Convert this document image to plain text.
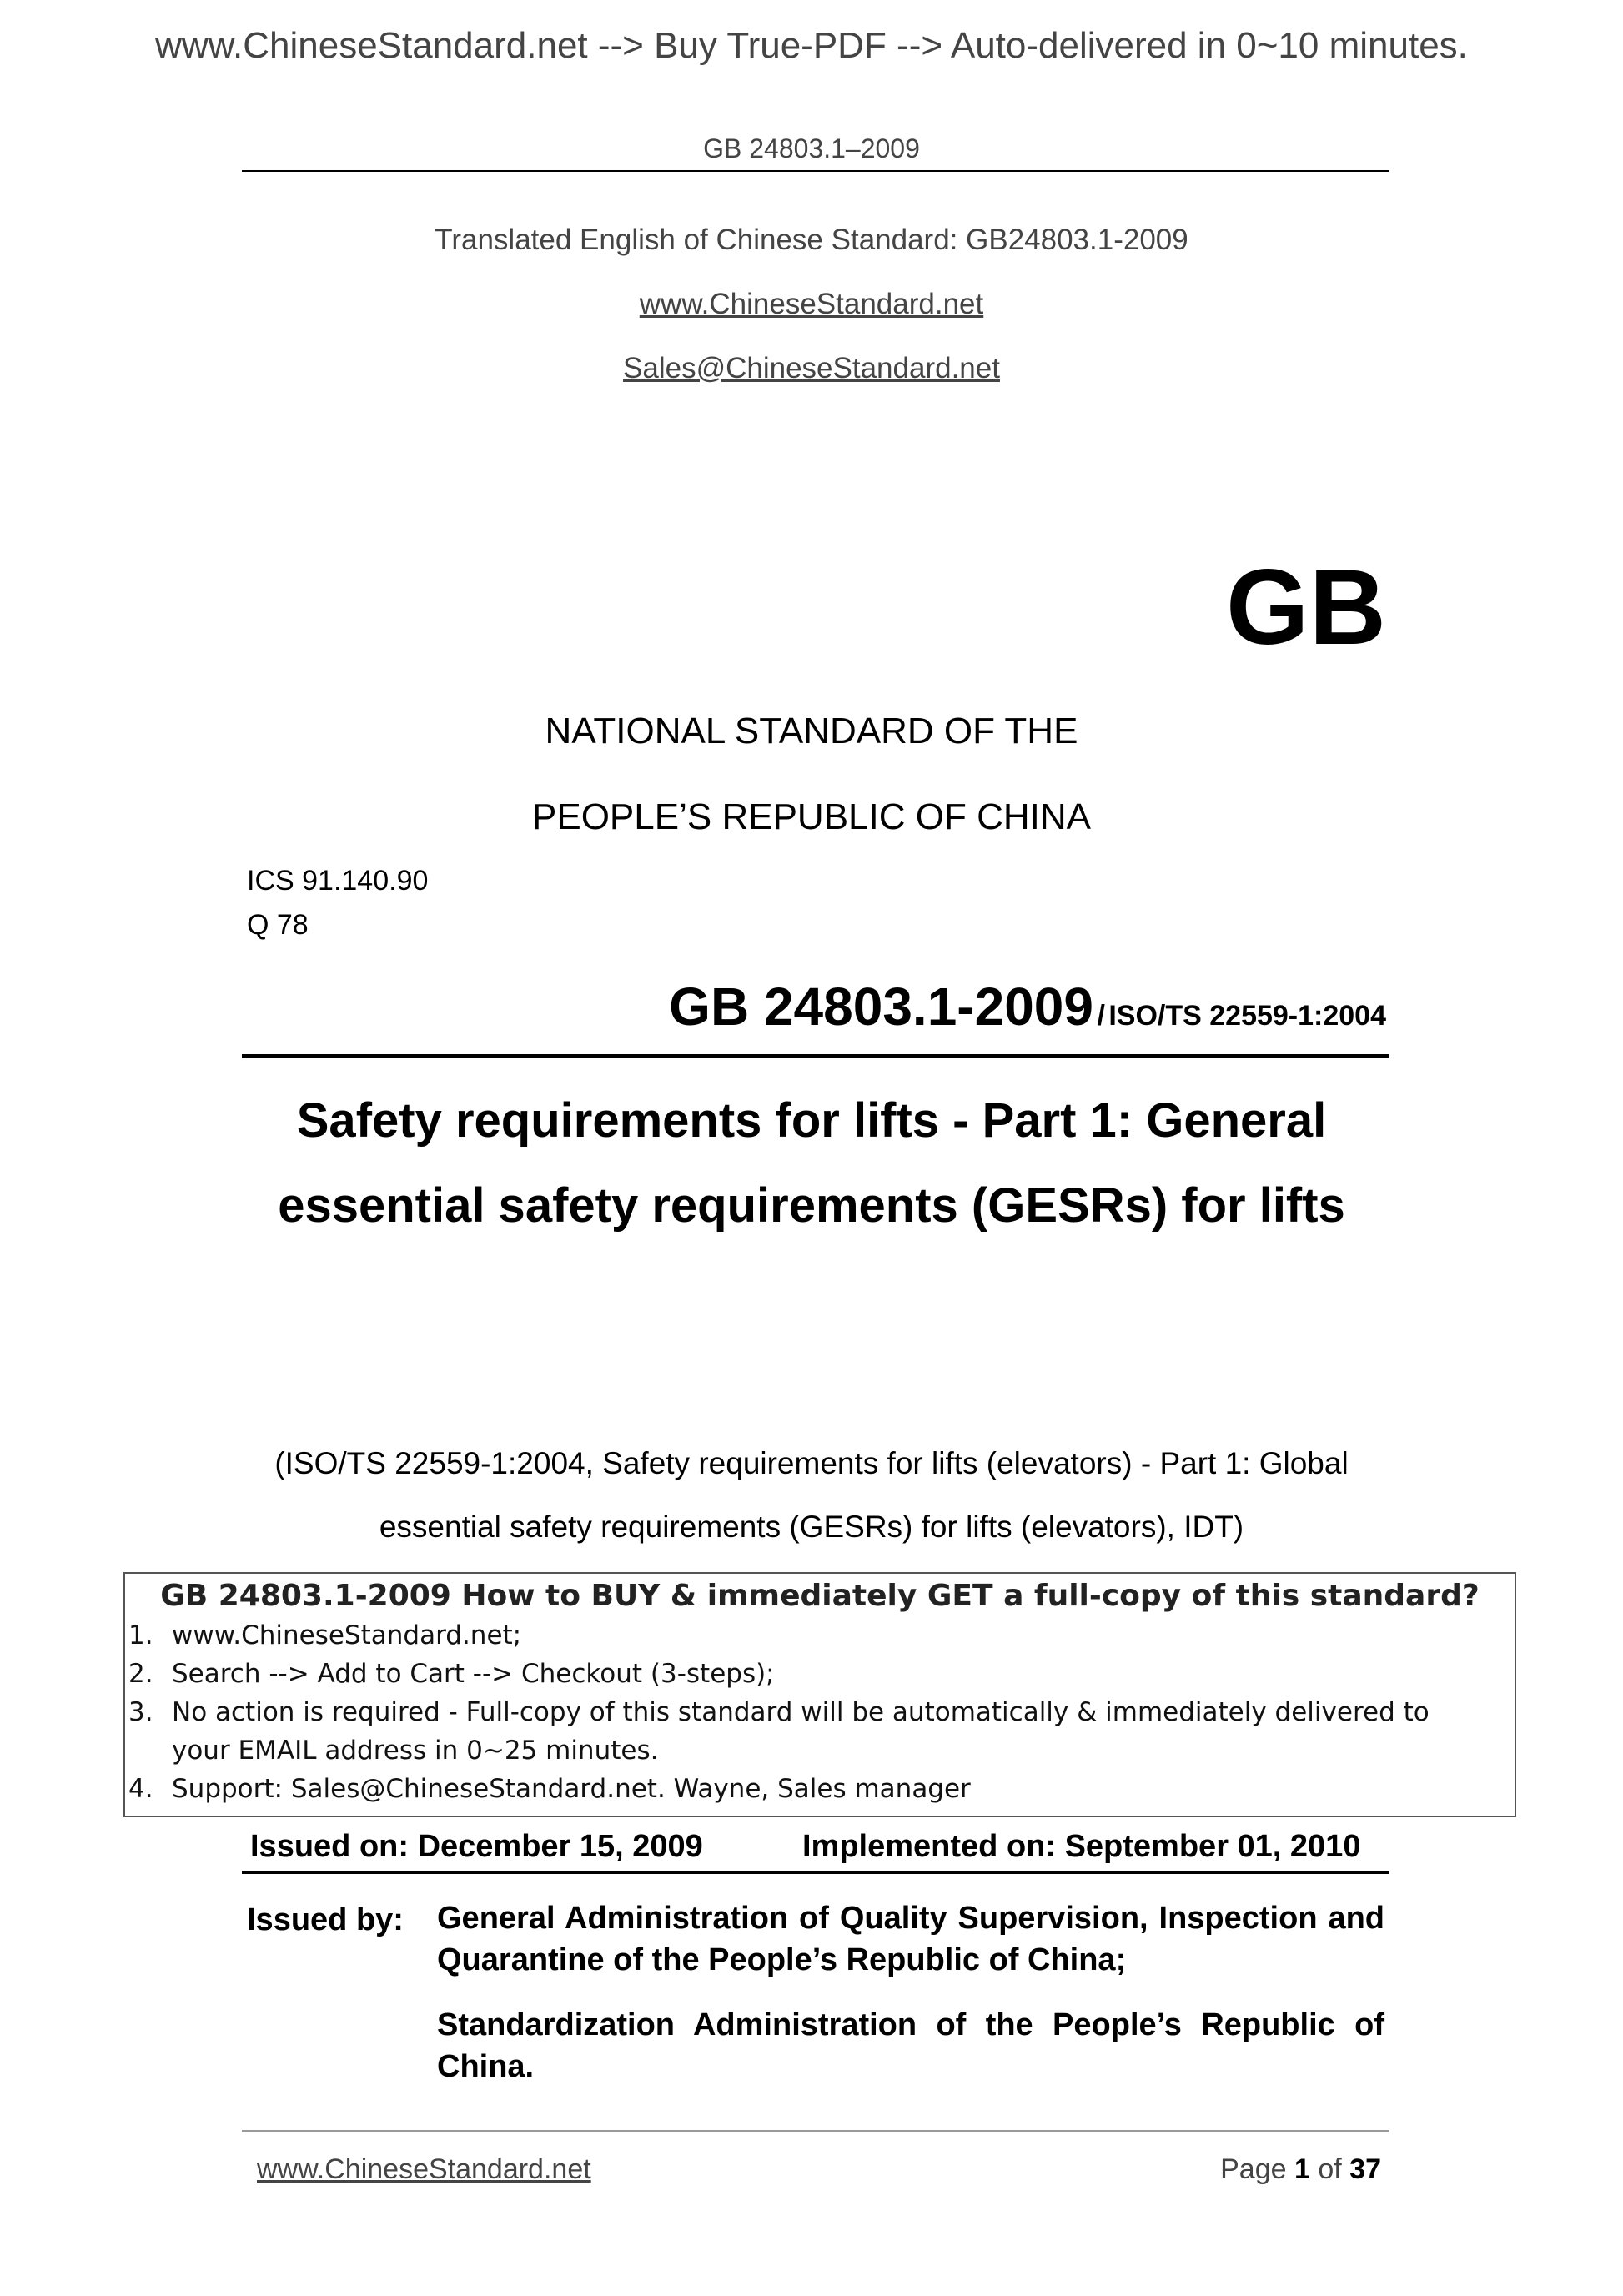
www.ChineseStandard.net --> Buy True-PDF --> Auto-delivered in 0~10 minutes.
GB 24803.1–2009
Translated English of Chinese Standard: GB24803.1-2009
www.ChineseStandard.net
Sales@ChineseStandard.net
GB
NATIONAL STANDARD OF THE
PEOPLE’S REPUBLIC OF CHINA
ICS 91.140.90
Q 78
GB 24803.1-2009 / ISO/TS 22559-1:2004
Safety requirements for lifts - Part 1: General
essential safety requirements (GESRs) for lifts
(ISO/TS 22559-1:2004, Safety requirements for lifts (elevators) - Part 1: Global
essential safety requirements (GESRs) for lifts (elevators), IDT)
GB 24803.1-2009 How to BUY & immediately GET a full-copy of this standard?
1. www.ChineseStandard.net;
2. Search --> Add to Cart --> Checkout (3-steps);
3. No action is required - Full-copy of this standard will be automatically & immediately delivered to
your EMAIL address in 0~25 minutes.
4. Support: Sales@ChineseStandard.net. Wayne, Sales manager
Issued on: December 15, 2009	Implemented on: September 01, 2010
Issued by: General Administration of Quality Supervision, Inspection and Quarantine of the People’s Republic of China;
Standardization Administration of the People’s Republic of China.
www.ChineseStandard.net	Page 1 of 37
